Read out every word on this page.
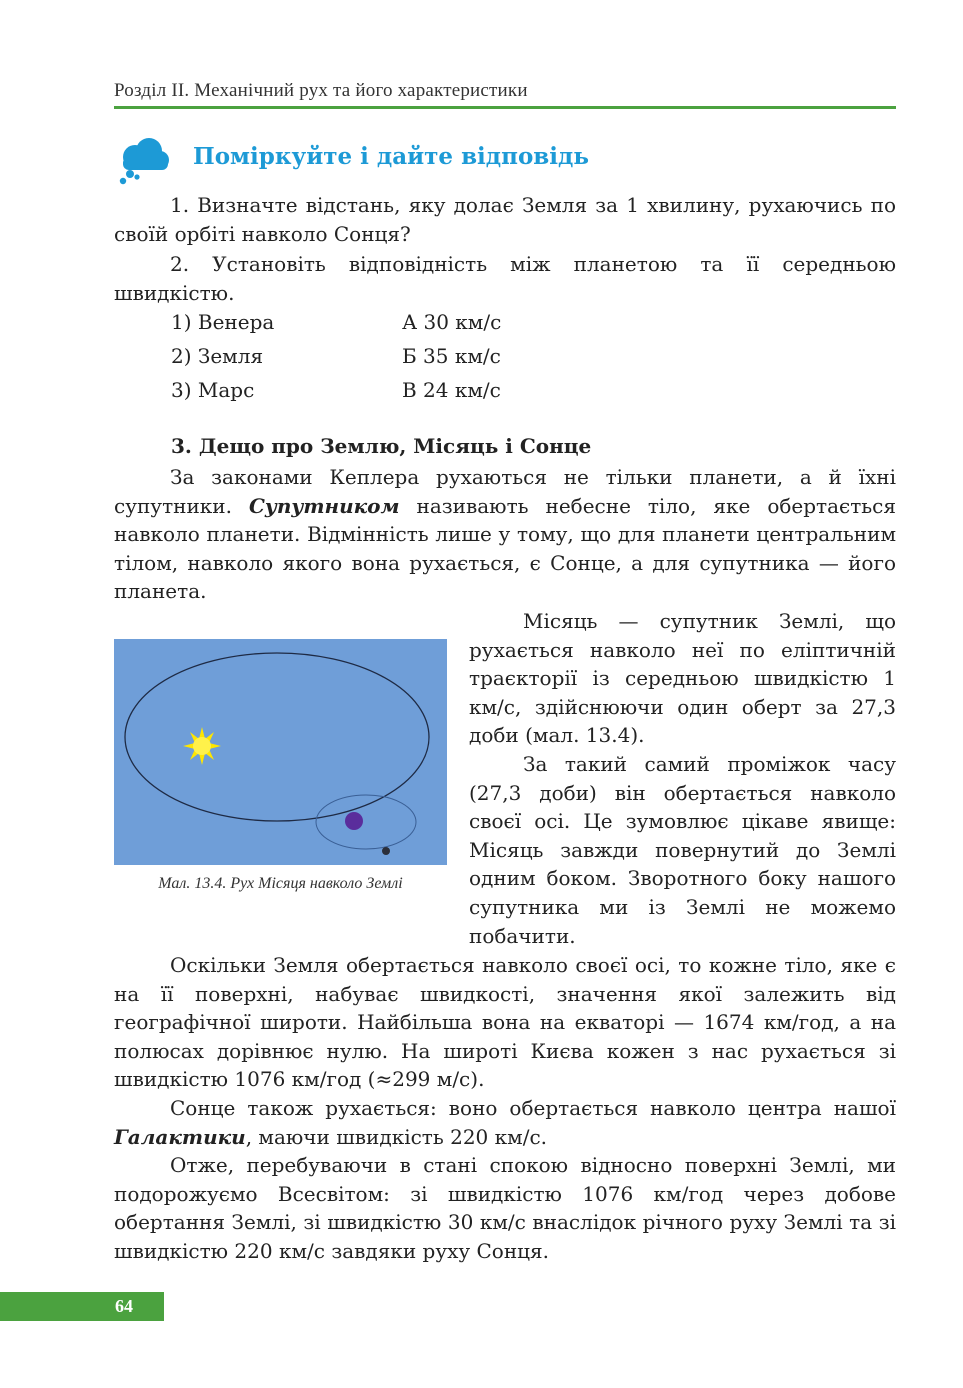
Розділ ІІ. Механічний рух та його характеристики
Поміркуйте і дайте відповідь
1. Визначте відстань, яку долає Земля за 1 хвилину, рухаючись по своїй орбіті навколо Сонця?
2. Установіть відповідність між планетою та її середньою швидкістю.
1) Венера	А 30 км/с
2) Земля	Б 35 км/с
3) Марс	В 24 км/с
3. Дещо про Землю, Місяць і Сонце
За законами Кеплера рухаються не тільки планети, а й їхні супутники. Супутником називають небесне тіло, яке обертається навколо планети. Відмінність лише у тому, що для планети центральним тілом, навколо якого вона рухається, є Сонце, а для супутника — його планета.
Мал. 13.4. Рух Місяця навколо Землі
Місяць — супутник Землі, що рухається навколо неї по еліптичній траєкторії із середньою швидкістю 1 км/с, здійснюючи один оберт за 27,3 доби (мал. 13.4).
За такий самий проміжок часу (27,3 доби) він обертається навколо своєї осі. Це зумовлює цікаве явище: Місяць завжди повернутий до Землі одним боком. Зворотного боку нашого супутника ми із Землі не можемо побачити.
Оскільки Земля обертається навколо своєї осі, то кожне тіло, яке є на її поверхні, набуває швидкості, значення якої залежить від географічної широти. Найбільша вона на екваторі — 1674 км/год, а на полюсах дорівнює нулю. На широті Києва кожен з нас рухається зі швидкістю 1076 км/год (≈299 м/с).
Сонце також рухається: воно обертається навколо центра нашої Галактики, маючи швидкість 220 км/с.
Отже, перебуваючи в стані спокою відносно поверхні Землі, ми подорожуємо Всесвітом: зі швидкістю 1076 км/год через добове обертання Землі, зі швидкістю 30 км/с внаслідок річного руху Землі та зі швидкістю 220 км/с завдяки руху Сонця.
64
